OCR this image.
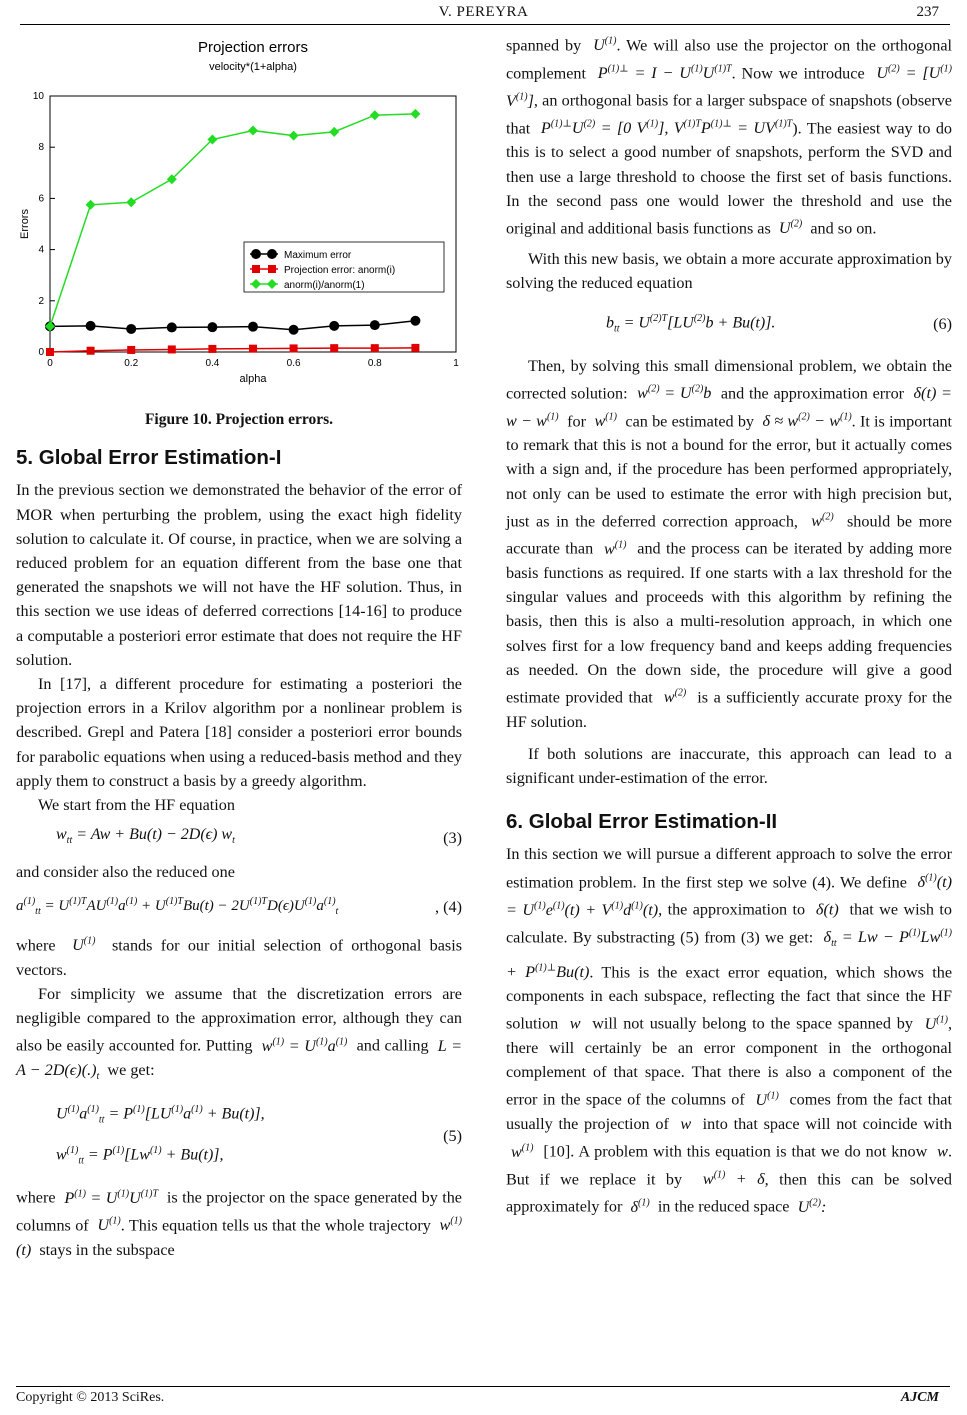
V. PEREYRA	237
Projection errors
velocity*(1+alpha)
0	0.2	0.4	0.6	0.8	1
0
2
4
6
8
10
alpha
Errors
Maximum error
Projection error: anorm(i)
anorm(i)/anorm(1)
Figure 10. Projection errors.
5. Global Error Estimation-I

In the previous section we demonstrated the behavior of the error of MOR when perturbing the problem, using the exact high fidelity solution to calculate it. Of course, in practice, when we are solving a reduced problem for an equation different from the base one that generated the snapshots we will not have the HF solution. Thus, in this section we use ideas of deferred corrections [14-16] to produce a computable a posteriori error estimate that does not require the HF solution.

In [17], a different procedure for estimating a posteriori the projection errors in a Krilov algorithm por a nonlinear problem is described. Grepl and Patera [18] consider a posteriori error bounds for parabolic equations when using a reduced-basis method and they apply them to construct a basis by a greedy algorithm.

We start from the HF equation

$w_{tt} = Aw + Bu(t) - 2D(\epsilon)$ $w_t$	(3)

and consider also the reduced one

$a^{(1)}_{tt} = U^{(1)T}AU^{(1)}a^{(1)} + U^{(1)T}Bu(t) - 2U^{(1)T}D(\epsilon)U^{(1)}a^{(1)}_t$	, (4)

where  $U^{(1)}$ stands for our initial selection of orthogonal basis vectors.

For simplicity we assume that the discretization errors are negligible compared to the approximation error, although they can also be easily accounted for. Putting  $w^{(1)} = U^{(1)}a^{(1)}$ and calling  $L = A - 2D(\epsilon)(.)_t$ we get:

$U^{(1)}a^{(1)}_{tt} = P^{(1)}[LU^{(1)}a^{(1)} + Bu(t)]$,
$w^{(1)}_{tt} = P^{(1)}[Lw^{(1)} + Bu(t)]$,
(5)

where  $P^{(1)} = U^{(1)}U^{(1)T}$ is the projector on the space generated by the columns of  $U^{(1)}$. This equation tells us that the whole trajectory  $w^{(1)}(t)$  stays in the subspace

spanned by  $U^{(1)}$. We will also use the projector on the orthogonal complement  $P^{(1)\perp} = I - U^{(1)}U^{(1)T}$. Now we introduce  $U^{(2)} = [U^{(1)}$ $V^{(1)}$], an orthogonal basis for a larger subspace of snapshots (observe that  $P^{(1)\perp}U^{(2)} = [0$ $V^{(1)}$], $V^{(1)T}P^{(1)\perp} = UV^{(1)T}$). The easiest way to do this is to select a good number of snapshots, perform the SVD and then use a large threshold to choose the first set of basis functions. In the second pass one would lower the threshold and use the original and additional basis functions as  $U^{(2)}$ and so on.

With this new basis, we obtain a more accurate approximation by solving the reduced equation

$b_{tt} = U^{(2)T}[LU^{(2)}b + Bu(t)]$.	(6)

Then, by solving this small dimensional problem, we obtain the corrected solution:  $w^{(2)} = U^{(2)}b$  and the approximation error  $\delta(t) = w - w^{(1)}$ for  $w^{(1)}$ can be estimated by  $\delta \approx w^{(2)} - w^{(1)}$. It is important to remark that this is not a bound for the error, but it actually comes with a sign and, if the procedure has been performed appropriately, not only can be used to estimate the error with high precision but, just as in the deferred correction approach,  $w^{(2)}$ should be more accurate than  $w^{(1)}$ and the process can be iterated by adding more basis functions as required. If one starts with a lax threshold for the singular values and proceeds with this algorithm by refining the basis, then this is also a multi-resolution approach, in which one solves first for a low frequency band and keeps adding frequencies as needed. On the down side, the procedure will give a good estimate provided that  $w^{(2)}$ is a sufficiently accurate proxy for the HF solution.

If both solutions are inaccurate, this approach can lead to a significant under-estimation of the error.

6. Global Error Estimation-II

In this section we will pursue a different approach to solve the error estimation problem. In the first step we solve (4). We define  $\delta^{(1)}(t) = U^{(1)}e^{(1)}(t) + V^{(1)}d^{(1)}(t)$, the approximation to  δ(t)  that we wish to calculate. By substracting (5) from (3) we get:  $\delta_{tt} = Lw - P^{(1)}Lw^{(1)} + P^{(1)\perp}Bu(t)$. This is the exact error equation, which shows the components in each subspace, reflecting the fact that since the HF solution  w  will not usually belong to the space spanned by  $U^{(1)}$, there will certainly be an error component in the orthogonal complement of that space. That there is also a component of the error in the space of the columns of  $U^{(1)}$ comes from the fact that usually the projection of  w  into that space will not coincide with  $w^{(1)}$ [10]. A problem with this equation is that we do not know  w. But if we replace it by  $w^{(1)} + \delta$, then this can be solved approximately for  $\delta^{(1)}$ in the reduced space  $U^{(2)}$:

Copyright © 2013 SciRes.	AJCM
